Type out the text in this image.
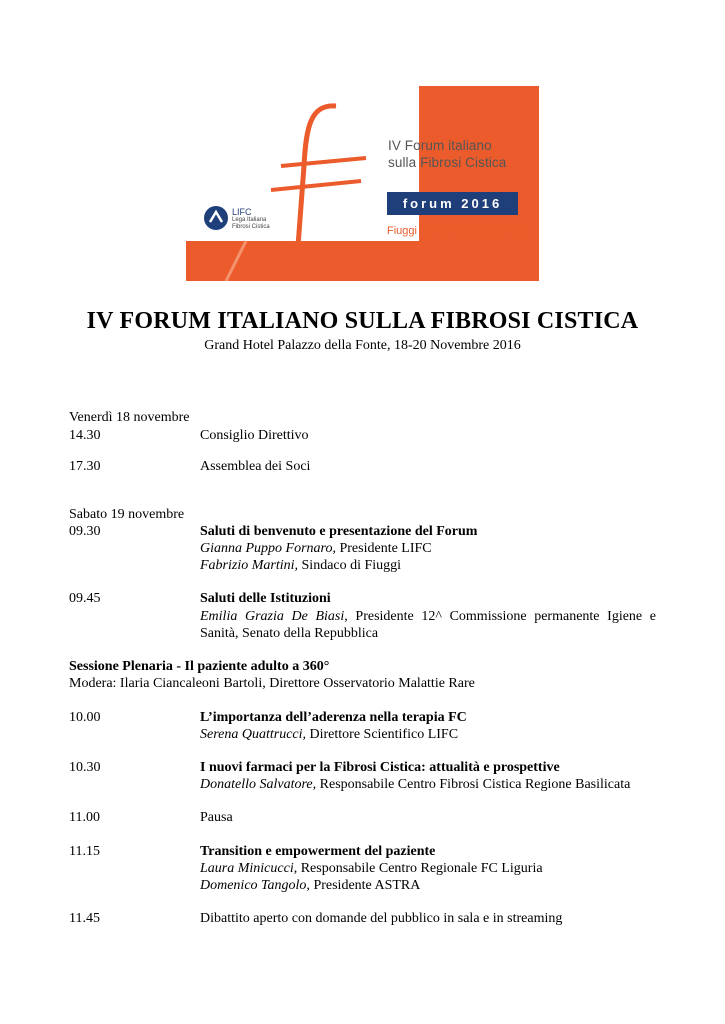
IV Forum italiano
sulla Fibrosi Cistica
forum 2016
Fiuggi 18-20 Novembre 2016
LIFC
Lega Italiana
Fibrosi Cistica
IV FORUM ITALIANO SULLA FIBROSI CISTICA
Grand Hotel Palazzo della Fonte, 18-20 Novembre 2016
Venerdì 18 novembre
14.30	Consiglio Direttivo
17.30	Assemblea dei Soci
Sabato 19 novembre
09.30	Saluti di benvenuto e presentazione del Forum
Gianna Puppo Fornaro, Presidente LIFC
Fabrizio Martini, Sindaco di Fiuggi
09.45	Saluti delle Istituzioni
Emilia Grazia De Biasi, Presidente 12^ Commissione permanente Igiene e Sanità, Senato della Repubblica
Sessione Plenaria - Il paziente adulto a 360°
Modera: Ilaria Ciancaleoni Bartoli, Direttore Osservatorio Malattie Rare
10.00	L’importanza dell’aderenza nella terapia FC
Serena Quattrucci, Direttore Scientifico LIFC
10.30	I nuovi farmaci per la Fibrosi Cistica: attualità e prospettive
Donatello Salvatore, Responsabile Centro Fibrosi Cistica Regione Basilicata
11.00	Pausa
11.15	Transition e empowerment del paziente
Laura Minicucci, Responsabile Centro Regionale FC Liguria
Domenico Tangolo, Presidente ASTRA
11.45	Dibattito aperto con domande del pubblico in sala e in streaming
